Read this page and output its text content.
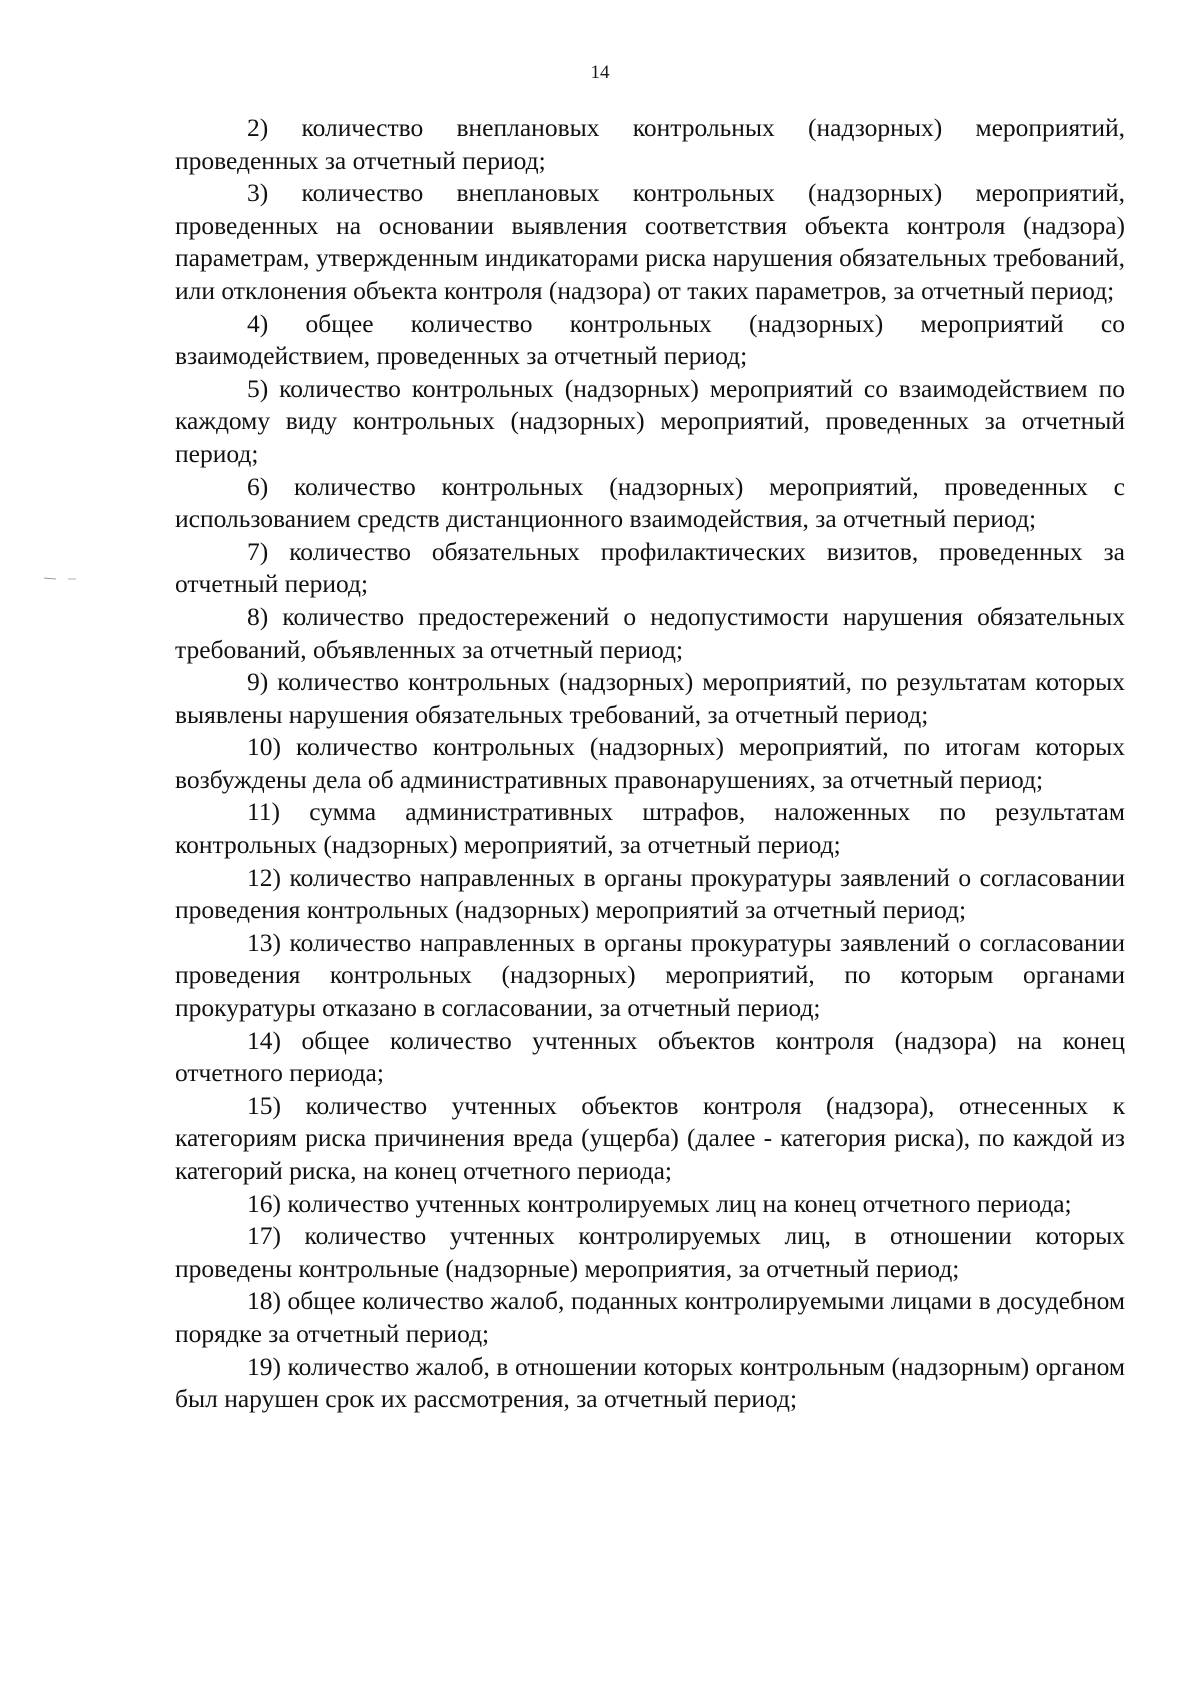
14

2) количество внеплановых контрольных (надзорных) мероприятий, проведенных за отчетный период;

3) количество внеплановых контрольных (надзорных) мероприятий, проведенных на основании выявления соответствия объекта контроля (надзора) параметрам, утвержденным индикаторами риска нарушения обязательных требований, или отклонения объекта контроля (надзора) от таких параметров, за отчетный период;

4) общее количество контрольных (надзорных) мероприятий со взаимодействием, проведенных за отчетный период;

5) количество контрольных (надзорных) мероприятий со взаимодействием по каждому виду контрольных (надзорных) мероприятий, проведенных за отчетный период;

6) количество контрольных (надзорных) мероприятий, проведенных с использованием средств дистанционного взаимодействия, за отчетный период;

7) количество обязательных профилактических визитов, проведенных за отчетный период;

8) количество предостережений о недопустимости нарушения обязательных требований, объявленных за отчетный период;

9) количество контрольных (надзорных) мероприятий, по результатам которых выявлены нарушения обязательных требований, за отчетный период;

10) количество контрольных (надзорных) мероприятий, по итогам которых возбуждены дела об административных правонарушениях, за отчетный период;

11) сумма административных штрафов, наложенных по результатам контрольных (надзорных) мероприятий, за отчетный период;

12) количество направленных в органы прокуратуры заявлений о согласовании проведения контрольных (надзорных) мероприятий за отчетный период;

13) количество направленных в органы прокуратуры заявлений о согласовании проведения контрольных (надзорных) мероприятий, по которым органами прокуратуры отказано в согласовании, за отчетный период;

14) общее количество учтенных объектов контроля (надзора) на конец отчетного периода;

15) количество учтенных объектов контроля (надзора), отнесенных к категориям риска причинения вреда (ущерба) (далее - категория риска), по каждой из категорий риска, на конец отчетного периода;

16) количество учтенных контролируемых лиц на конец отчетного периода;

17) количество учтенных контролируемых лиц, в отношении которых проведены контрольные (надзорные) мероприятия, за отчетный период;

18) общее количество жалоб, поданных контролируемыми лицами в досудебном порядке за отчетный период;

19) количество жалоб, в отношении которых контрольным (надзорным) органом был нарушен срок их рассмотрения, за отчетный период;
